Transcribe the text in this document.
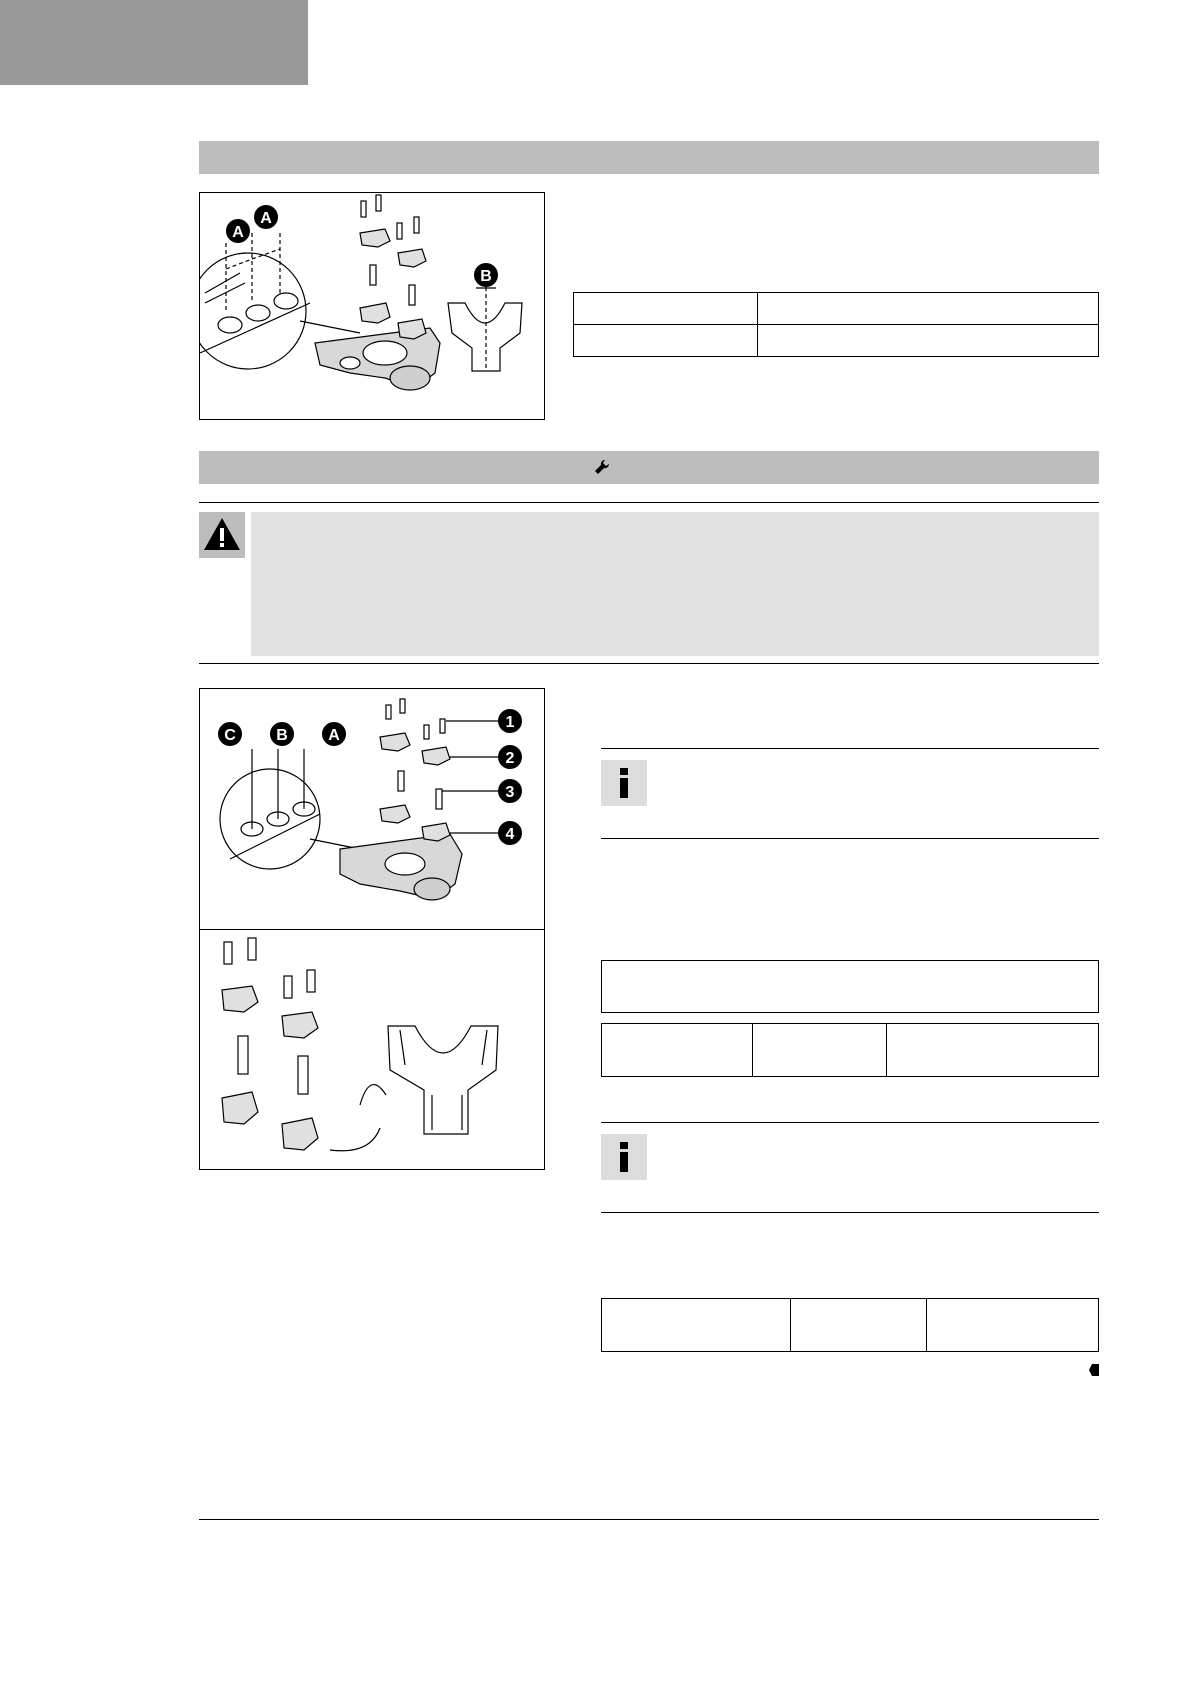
A
A
B

C	B	A
1
2
3
4
